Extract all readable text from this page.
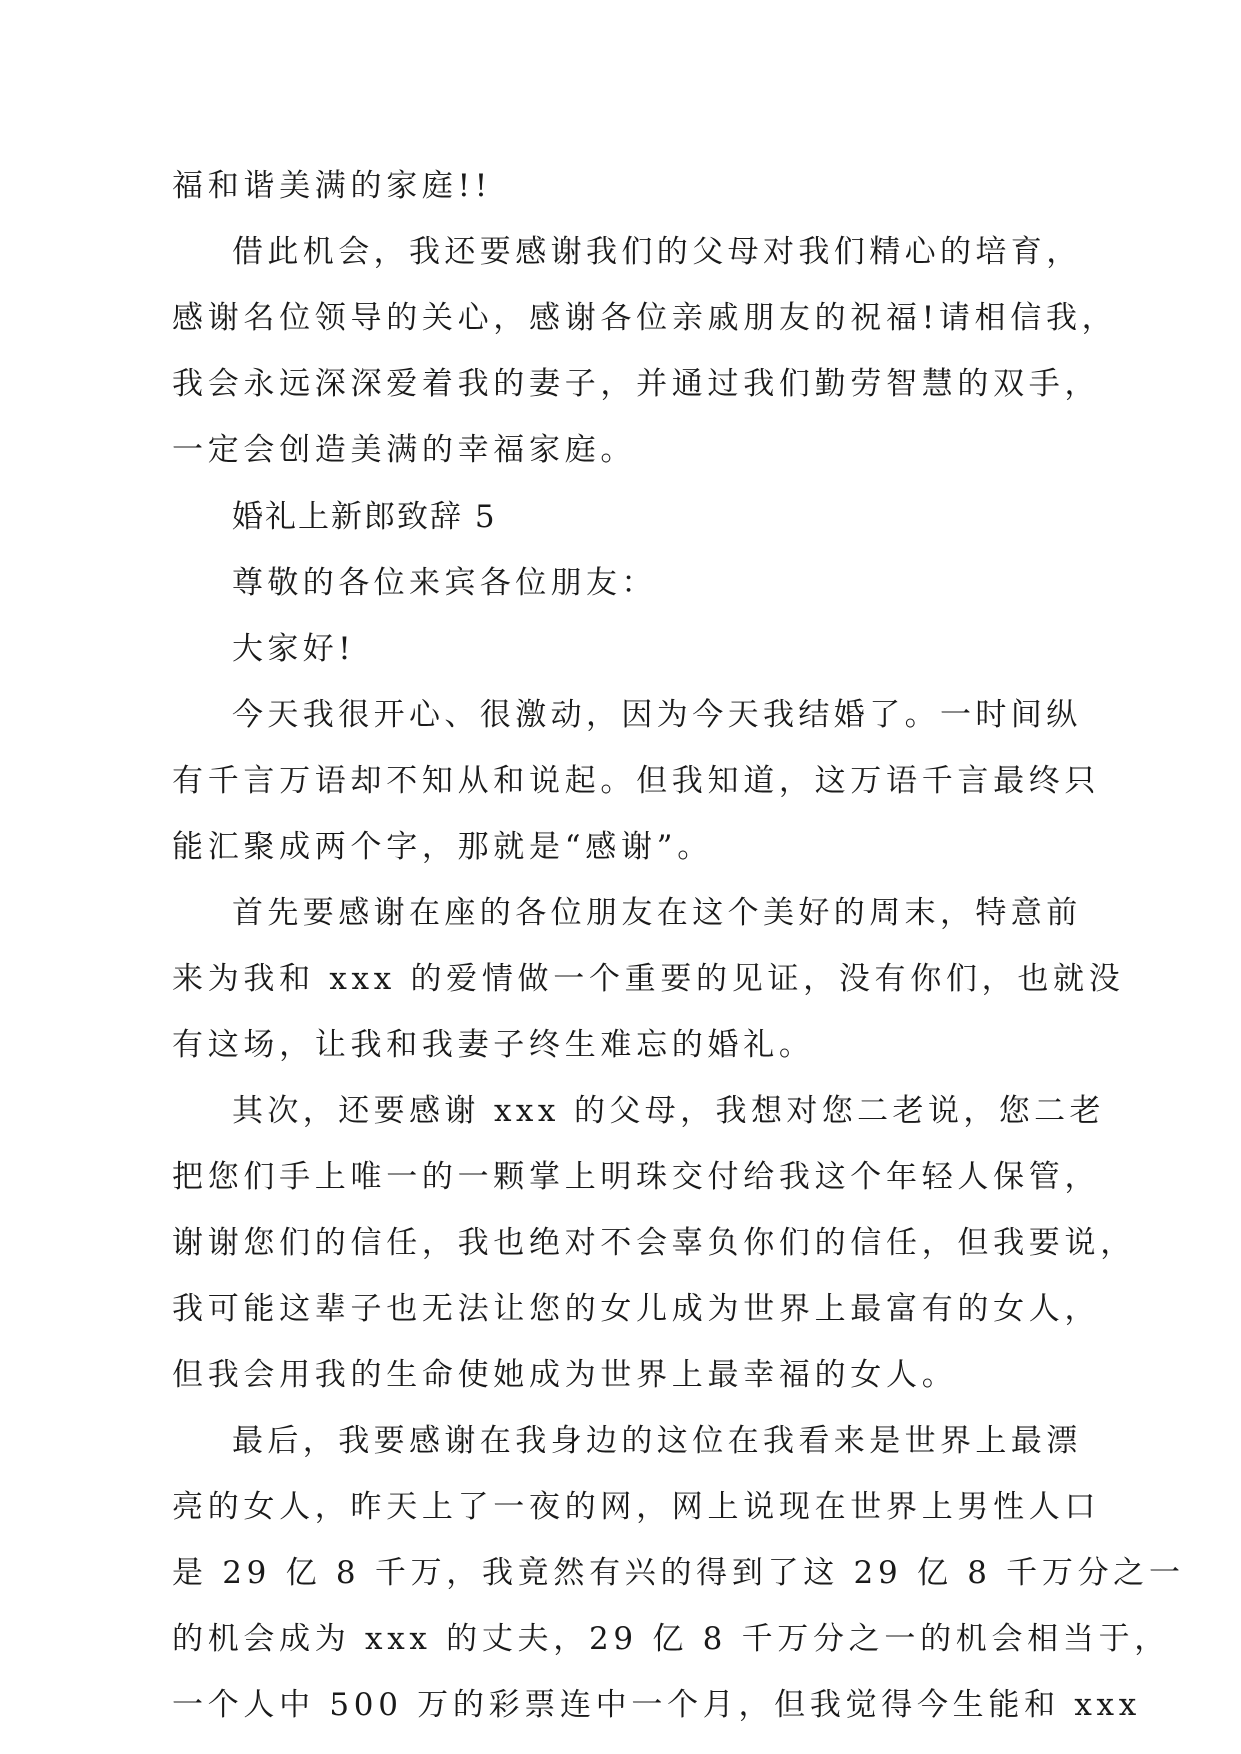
福和谐美满的家庭!!
借此机会，我还要感谢我们的父母对我们精心的培育，
感谢名位领导的关心，感谢各位亲戚朋友的祝福!请相信我，
我会永远深深爱着我的妻子，并通过我们勤劳智慧的双手，
一定会创造美满的幸福家庭。
婚礼上新郎致辞 5
尊敬的各位来宾各位朋友：
大家好!
今天我很开心、很激动，因为今天我结婚了。一时间纵
有千言万语却不知从和说起。但我知道，这万语千言最终只
能汇聚成两个字，那就是“感谢”。
首先要感谢在座的各位朋友在这个美好的周末，特意前
来为我和 xxx 的爱情做一个重要的见证，没有你们，也就没
有这场，让我和我妻子终生难忘的婚礼。
其次，还要感谢 xxx 的父母，我想对您二老说，您二老
把您们手上唯一的一颗掌上明珠交付给我这个年轻人保管，
谢谢您们的信任，我也绝对不会辜负你们的信任，但我要说，
我可能这辈子也无法让您的女儿成为世界上最富有的女人，
但我会用我的生命使她成为世界上最幸福的女人。
最后，我要感谢在我身边的这位在我看来是世界上最漂
亮的女人，昨天上了一夜的网，网上说现在世界上男性人口
是 29 亿 8 千万，我竟然有兴的得到了这 29 亿 8 千万分之一
的机会成为 xxx 的丈夫，29 亿 8 千万分之一的机会相当于，
一个人中 500 万的彩票连中一个月，但我觉得今生能和 xxx
